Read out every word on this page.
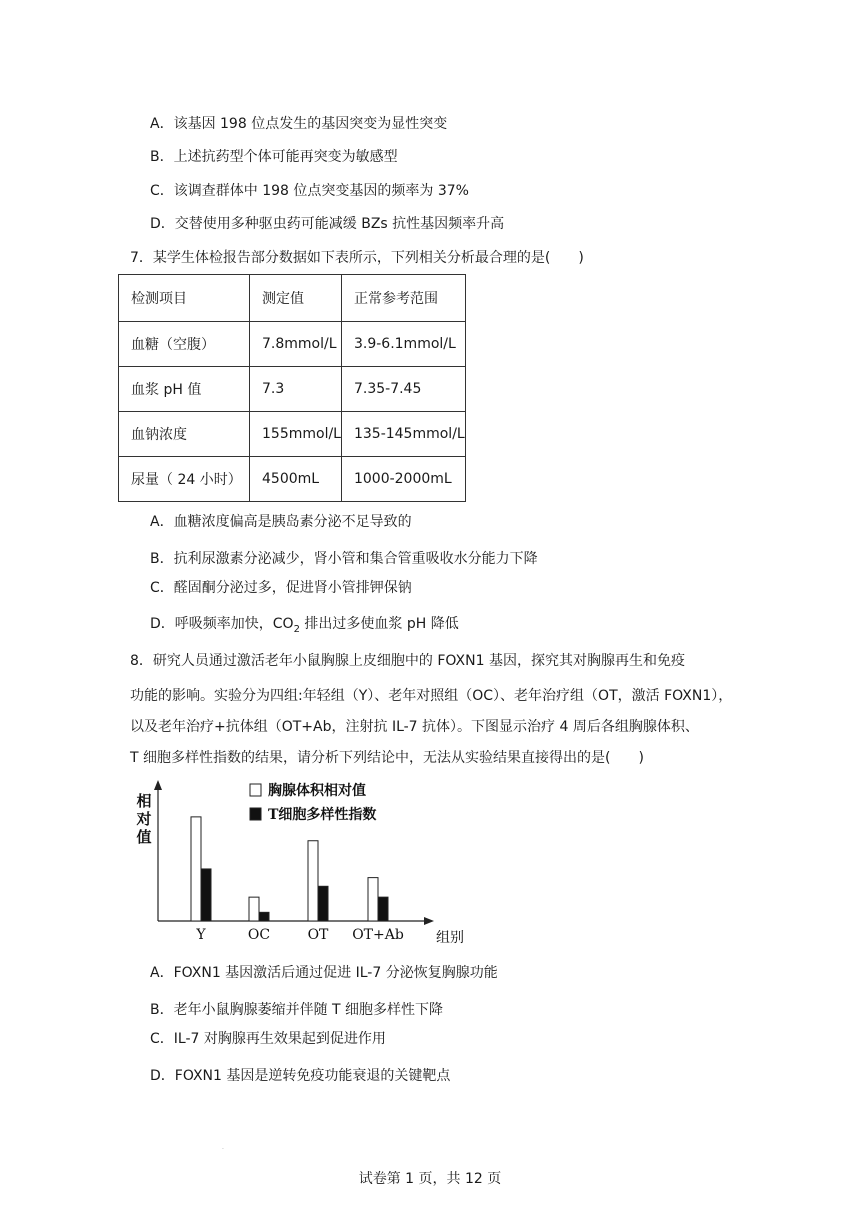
A．该基因 198 位点发生的基因突变为显性突变
B．上述抗药型个体可能再突变为敏感型
C．该调查群体中 198 位点突变基因的频率为 37%
D．交替使用多种驱虫药可能减缓 BZs 抗性基因频率升高
7．某学生体检报告部分数据如下表所示，下列相关分析最合理的是(　　)
检测项目	测定值	正常参考范围
血糖（空腹）	7.8mmol/L	3.9-6.1mmol/L
血浆 pH 值	7.3	7.35-7.45
血钠浓度	155mmol/L	135-145mmol/L
尿量（ 24 小时）	4500mL	1000-2000mL
A．血糖浓度偏高是胰岛素分泌不足导致的
B．抗利尿激素分泌减少，肾小管和集合管重吸收水分能力下降
C．醛固酮分泌过多，促进肾小管排钾保钠
D．呼吸频率加快，$CO_2$ 排出过多使血浆 pH 降低
8．研究人员通过激活老年小鼠胸腺上皮细胞中的 FOXN1 基因，探究其对胸腺再生和免疫
功能的影响。实验分为四组:年轻组（Y）、老年对照组（OC）、老年治疗组（OT，激活 FOXN1），
以及老年治疗+抗体组（OT+Ab，注射抗 IL-7 抗体）。下图显示治疗 4 周后各组胸腺体积、
T 细胞多样性指数的结果，请分析下列结论中，无法从实验结果直接得出的是(　　)
相对值
组别
Y	OC	OT OT+Ab
胸腺体积相对值
T细胞多样性指数
A．FOXN1 基因激活后通过促进 IL-7 分泌恢复胸腺功能
B．老年小鼠胸腺萎缩并伴随 T 细胞多样性下降
C．IL-7 对胸腺再生效果起到促进作用
D．FOXN1 基因是逆转免疫功能衰退的关键靶点
·
试卷第 1 页，共 12 页
